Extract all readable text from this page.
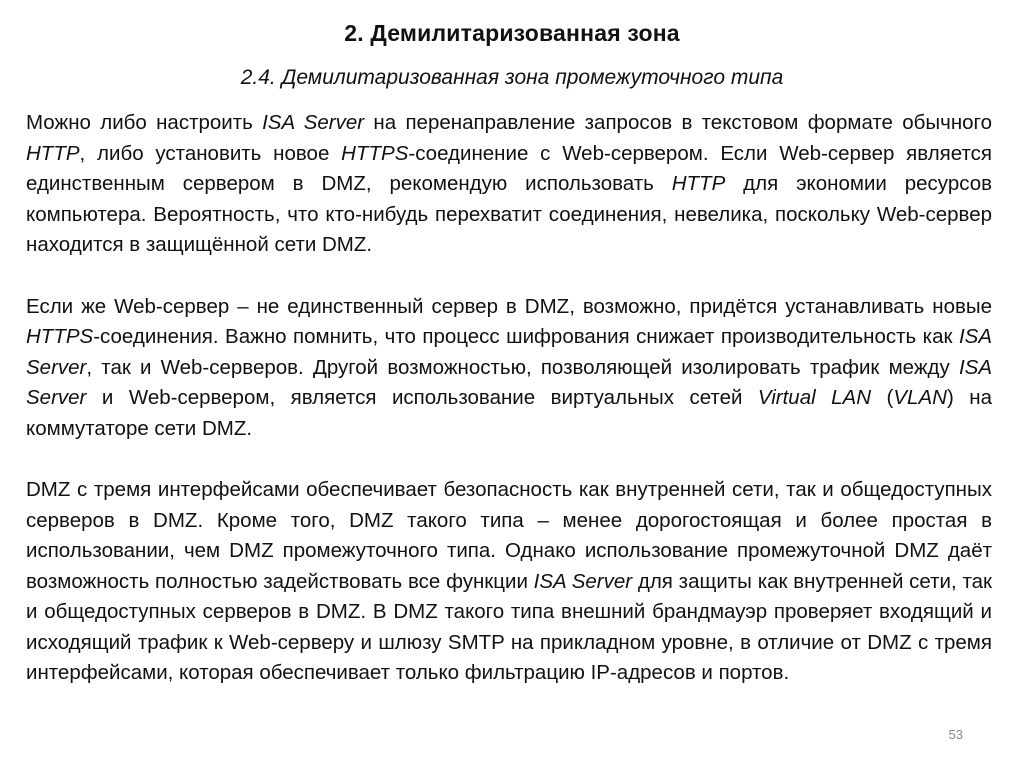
2. Демилитаризованная зона
2.4. Демилитаризованная зона промежуточного типа

Можно либо настроить ISA Server на перенаправление запросов в текстовом формате обычного HTTP, либо установить новое HTTPS-соединение с Web-сервером. Если Web-сервер является единственным сервером в DMZ, рекомендую использовать HTTP для экономии ресурсов компьютера. Вероятность, что кто-нибудь перехватит соединения, невелика, поскольку Web-сервер находится в защищённой сети DMZ.

Если же Web-сервер – не единственный сервер в DMZ, возможно, придётся устанавливать новые HTTPS-соединения. Важно помнить, что процесс шифрования снижает производительность как ISA Server, так и Web-серверов. Другой возможностью, позволяющей изолировать трафик между ISA Server и Web-сервером, является использование виртуальных сетей Virtual LAN (VLAN) на коммутаторе сети DMZ.

DMZ с тремя интерфейсами обеспечивает безопасность как внутренней сети, так и общедоступных серверов в DMZ. Кроме того, DMZ такого типа – менее дорогостоящая и более простая в использовании, чем DMZ промежуточного типа. Однако использование промежуточной DMZ даёт возможность полностью задействовать все функции ISA Server для защиты как внутренней сети, так и общедоступных серверов в DMZ. В DMZ такого типа внешний брандмауэр проверяет входящий и исходящий трафик к Web-серверу и шлюзу SMTP на прикладном уровне, в отличие от DMZ с тремя интерфейсами, которая обеспечивает только фильтрацию IP-адресов и портов.

53
